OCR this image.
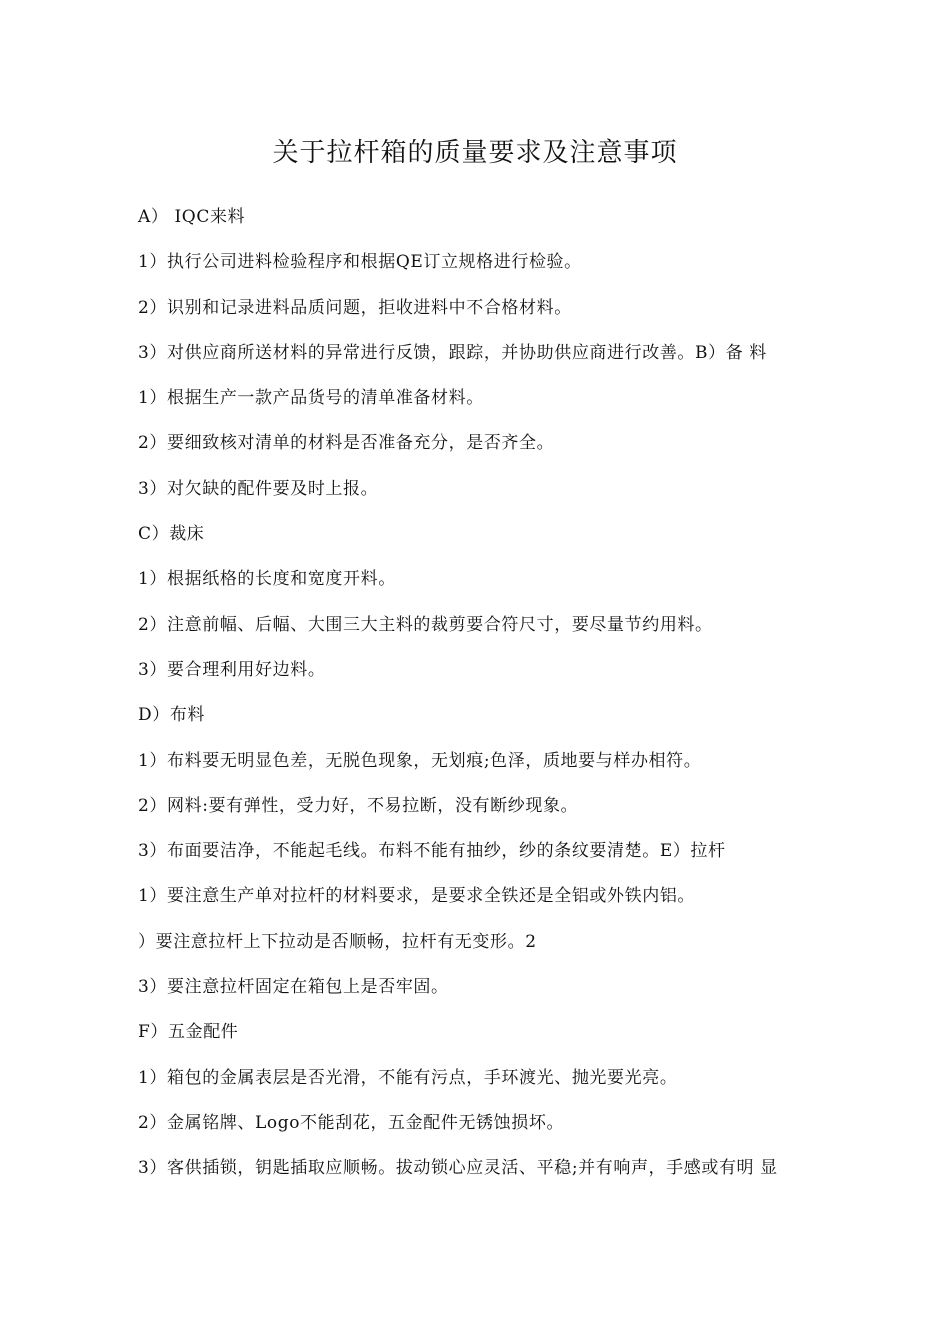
关于拉杆箱的质量要求及注意事项
A） IQC来料
1）执行公司进料检验程序和根据QE订立规格进行检验。
2）识别和记录进料品质问题，拒收进料中不合格材料。
3）对供应商所送材料的异常进行反馈，跟踪，并协助供应商进行改善。B）备 料
1）根据生产一款产品货号的清单准备材料。
2）要细致核对清单的材料是否准备充分，是否齐全。
3）对欠缺的配件要及时上报。
C）裁床
1）根据纸格的长度和宽度开料。
2）注意前幅、后幅、大围三大主料的裁剪要合符尺寸，要尽量节约用料。
3）要合理利用好边料。
D）布料
1）布料要无明显色差，无脱色现象，无划痕;色泽，质地要与样办相符。
2）网料:要有弹性，受力好，不易拉断，没有断纱现象。
3）布面要洁净，不能起毛线。布料不能有抽纱，纱的条纹要清楚。E）拉杆
1）要注意生产单对拉杆的材料要求，是要求全铁还是全铝或外铁内铝。
）要注意拉杆上下拉动是否顺畅，拉杆有无变形。2
3）要注意拉杆固定在箱包上是否牢固。
F）五金配件
1）箱包的金属表层是否光滑，不能有污点，手环渡光、抛光要光亮。
2）金属铭牌、Logo不能刮花，五金配件无锈蚀损坏。
3）客供插锁，钥匙插取应顺畅。拔动锁心应灵活、平稳;并有响声，手感或有明 显
